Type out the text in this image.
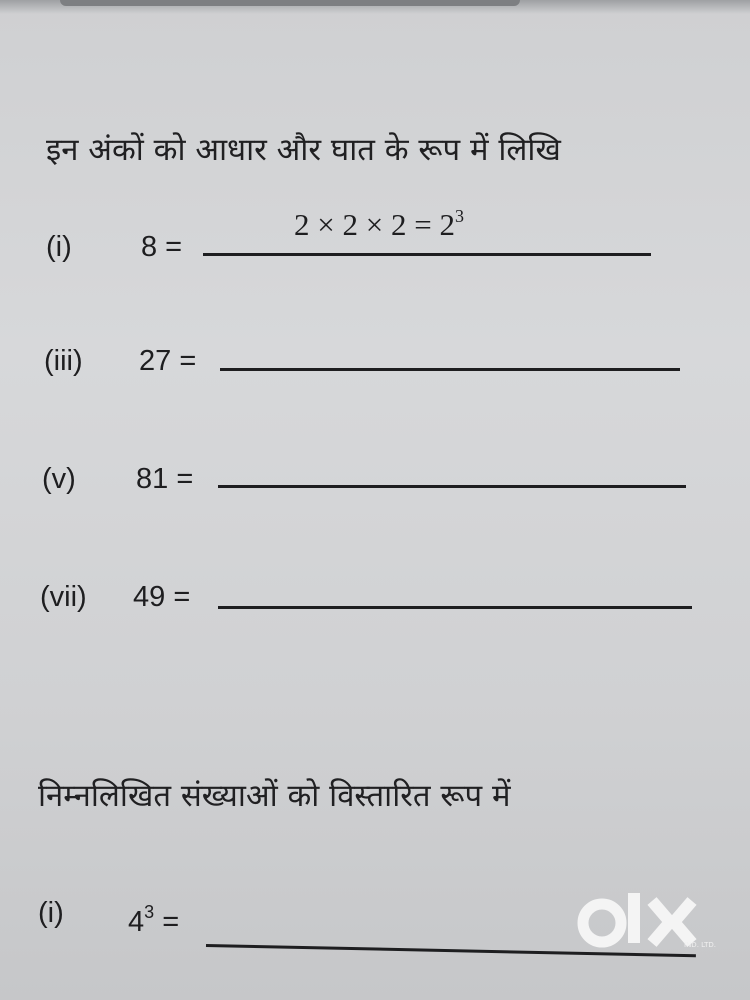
इन अंकों को आधार और घात के रूप में लिखि
(i) 8 =
$2 \times 2 \times 2 = 2^3$
(iii) 27 =
(v) 81 =
(vii) 49 =
निम्नलिखित संख्याओं को विस्तारित रूप में
(i) $4^3$ =
IND. LTD.
